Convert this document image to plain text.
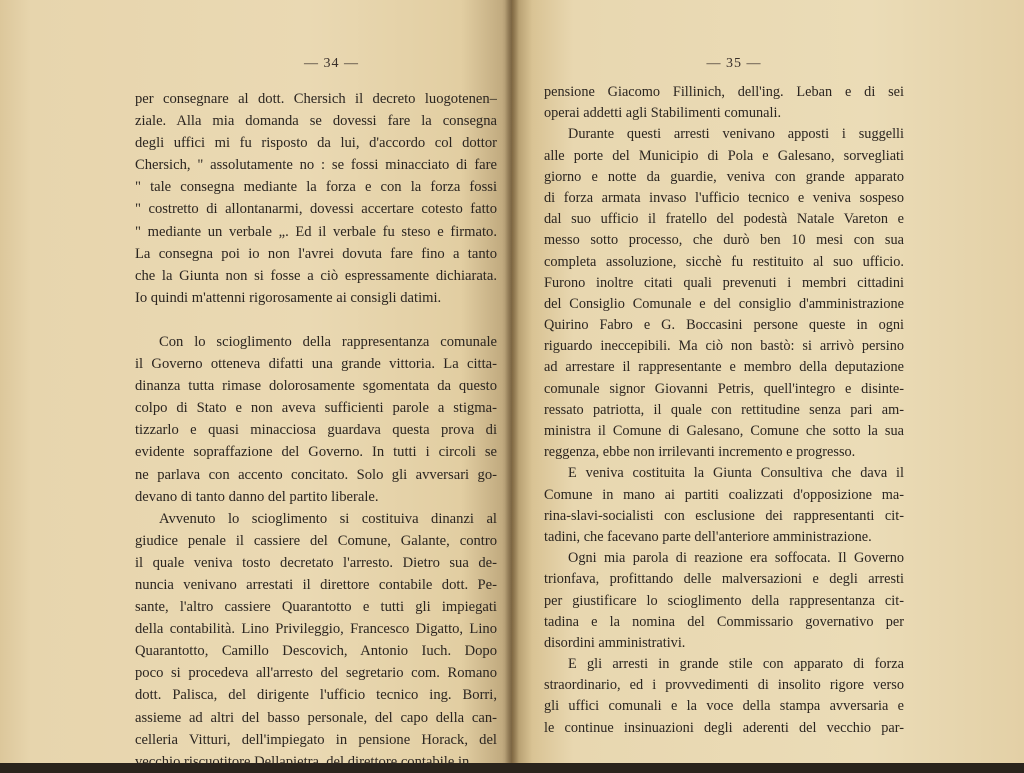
— 34 —
per consegnare al dott. Chersich il decreto luogotenen–
ziale. Alla mia domanda se dovessi fare la consegna
degli uffici mi fu risposto da lui, d'accordo col dottor
Chersich, " assolutamente no : se fossi minacciato di fare
" tale consegna mediante la forza e con la forza fossi
" costretto di allontanarmi, dovessi accertare cotesto fatto
" mediante un verbale „. Ed il verbale fu steso e firmato.
La consegna poi io non l'avrei dovuta fare fino a tanto
che la Giunta non si fosse a ciò espressamente dichiarata.
Io quindi m'attenni rigorosamente ai consigli datimi.
Con lo scioglimento della rappresentanza comunale
il Governo otteneva difatti una grande vittoria. La citta-
dinanza tutta rimase dolorosamente sgomentata da questo
colpo di Stato e non aveva sufficienti parole a stigma-
tizzarlo e quasi minacciosa guardava questa prova di
evidente sopraffazione del Governo. In tutti i circoli se
ne parlava con accento concitato. Solo gli avversari go-
devano di tanto danno del partito liberale.
Avvenuto lo scioglimento si costituiva dinanzi al
giudice penale il cassiere del Comune, Galante, contro
il quale veniva tosto decretato l'arresto. Dietro sua de-
nuncia venivano arrestati il direttore contabile dott. Pe-
sante, l'altro cassiere Quarantotto e tutti gli impiegati
della contabilità. Lino Privileggio, Francesco Digatto, Lino
Quarantotto, Camillo Descovich, Antonio Iuch. Dopo
poco si procedeva all'arresto del segretario com. Romano
dott. Palisca, del dirigente l'ufficio tecnico ing. Borri,
assieme ad altri del basso personale, del capo della can-
celleria Vitturi, dell'impiegato in pensione Horack, del
vecchio riscuotitore Dellapietra, del direttore contabile in
— 35 —
pensione Giacomo Fillinich, dell'ing. Leban e di sei
operai addetti agli Stabilimenti comunali.
Durante questi arresti venivano apposti i suggelli
alle porte del Municipio di Pola e Galesano, sorvegliati
giorno e notte da guardie, veniva con grande apparato
di forza armata invaso l'ufficio tecnico e veniva sospeso
dal suo ufficio il fratello del podestà Natale Vareton e
messo sotto processo, che durò ben 10 mesi con sua
completa assoluzione, sicchè fu restituito al suo ufficio.
Furono inoltre citati quali prevenuti i membri cittadini
del Consiglio Comunale e del consiglio d'amministrazione
Quirino Fabro e G. Boccasini persone queste in ogni
riguardo ineccepibili. Ma ciò non bastò: si arrivò persino
ad arrestare il rappresentante e membro della deputazione
comunale signor Giovanni Petris, quell'integro e disinte-
ressato patriotta, il quale con rettitudine senza pari am-
ministra il Comune di Galesano, Comune che sotto la sua
reggenza, ebbe non irrilevanti incremento e progresso.
E veniva costituita la Giunta Consultiva che dava il
Comune in mano ai partiti coalizzati d'opposizione ma-
rina-slavi-socialisti con esclusione dei rappresentanti cit-
tadini, che facevano parte dell'anteriore amministrazione.
Ogni mia parola di reazione era soffocata. Il Governo
trionfava, profittando delle malversazioni e degli arresti
per giustificare lo scioglimento della rappresentanza cit-
tadina e la nomina del Commissario governativo per
disordini amministrativi.
E gli arresti in grande stile con apparato di forza
straordinario, ed i provvedimenti di insolito rigore verso
gli uffici comunali e la voce della stampa avversaria e
le continue insinuazioni degli aderenti del vecchio par-
